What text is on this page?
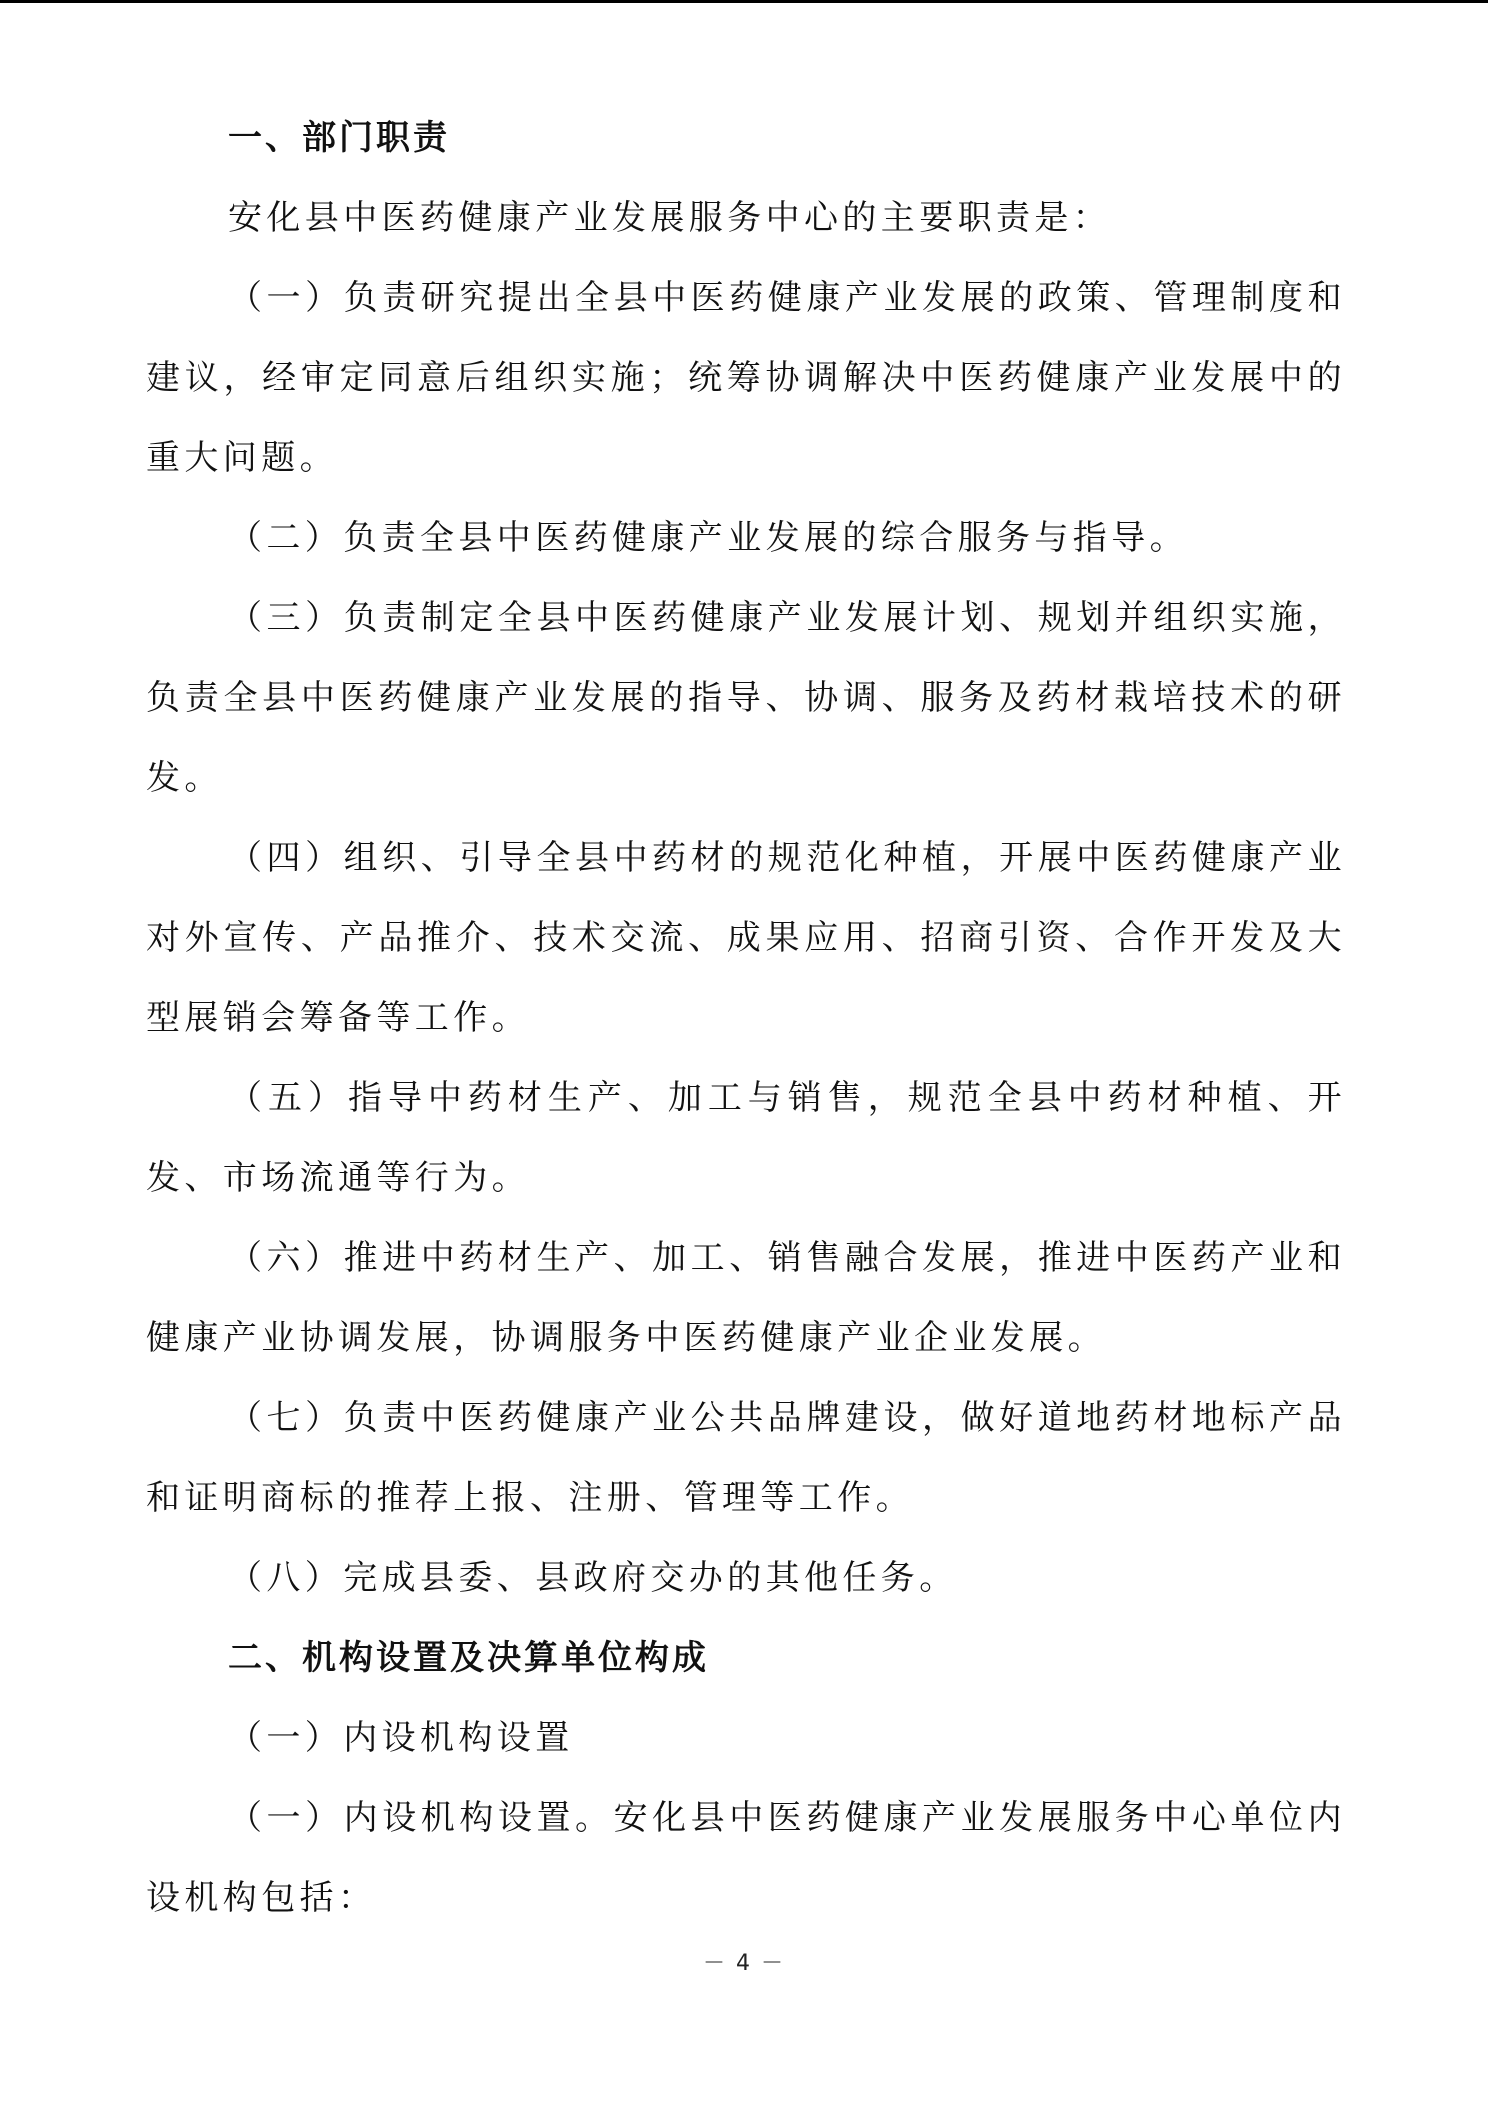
一、部门职责

安化县中医药健康产业发展服务中心的主要职责是：

（一）负责研究提出全县中医药健康产业发展的政策、管理制度和建议，经审定同意后组织实施；统筹协调解决中医药健康产业发展中的重大问题。

（二）负责全县中医药健康产业发展的综合服务与指导。

（三）负责制定全县中医药健康产业发展计划、规划并组织实施，负责全县中医药健康产业发展的指导、协调、服务及药材栽培技术的研发。

（四）组织、引导全县中药材的规范化种植，开展中医药健康产业对外宣传、产品推介、技术交流、成果应用、招商引资、合作开发及大型展销会筹备等工作。

（五）指导中药材生产、加工与销售，规范全县中药材种植、开发、市场流通等行为。

（六）推进中药材生产、加工、销售融合发展，推进中医药产业和健康产业协调发展，协调服务中医药健康产业企业发展。

（七）负责中医药健康产业公共品牌建设，做好道地药材地标产品和证明商标的推荐上报、注册、管理等工作。

（八）完成县委、县政府交办的其他任务。

二、机构设置及决算单位构成

（一）内设机构设置

（一）内设机构设置。安化县中医药健康产业发展服务中心单位内设机构包括：

－ 4 －
